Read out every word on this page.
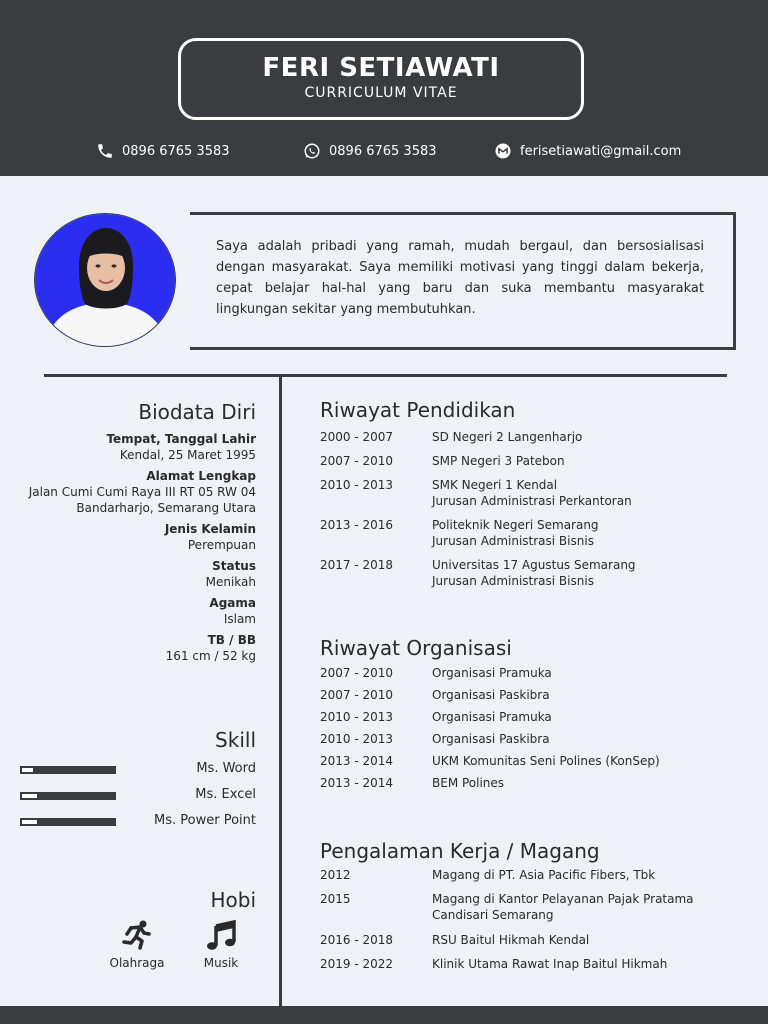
FERI SETIAWATI
CURRICULUM VITAE
0896 6765 3583	0896 6765 3583	ferisetiawati@gmail.com
Saya adalah pribadi yang ramah, mudah bergaul, dan bersosialisasi dengan masyarakat. Saya memiliki motivasi yang tinggi dalam bekerja, cepat belajar hal-hal yang baru dan suka membantu masyarakat lingkungan sekitar yang membutuhkan.
Biodata Diri
Tempat, Tanggal Lahir
Kendal, 25 Maret 1995
Alamat Lengkap
Jalan Cumi Cumi Raya III RT 05 RW 04
Bandarharjo, Semarang Utara
Jenis Kelamin
Perempuan
Status
Menikah
Agama
Islam
TB / BB
161 cm / 52 kg
Skill
Ms. Word
Ms. Excel
Ms. Power Point
Hobi
Olahraga	Musik
Riwayat Pendidikan
2000 - 2007	SD Negeri 2 Langenharjo
2007 - 2010	SMP Negeri 3 Patebon
2010 - 2013	SMK Negeri 1 Kendal
Jurusan Administrasi Perkantoran
2013 - 2016	Politeknik Negeri Semarang
Jurusan Administrasi Bisnis
2017 - 2018	Universitas 17 Agustus Semarang
Jurusan Administrasi Bisnis
Riwayat Organisasi
2007 - 2010	Organisasi Pramuka
2007 - 2010	Organisasi Paskibra
2010 - 2013	Organisasi Pramuka
2010 - 2013	Organisasi Paskibra
2013 - 2014	UKM Komunitas Seni Polines (KonSep)
2013 - 2014	BEM Polines
Pengalaman Kerja / Magang
2012	Magang di PT. Asia Pacific Fibers, Tbk
2015	Magang di Kantor Pelayanan Pajak Pratama
Candisari Semarang
2016 - 2018	RSU Baitul Hikmah Kendal
2019 - 2022	Klinik Utama Rawat Inap Baitul Hikmah
